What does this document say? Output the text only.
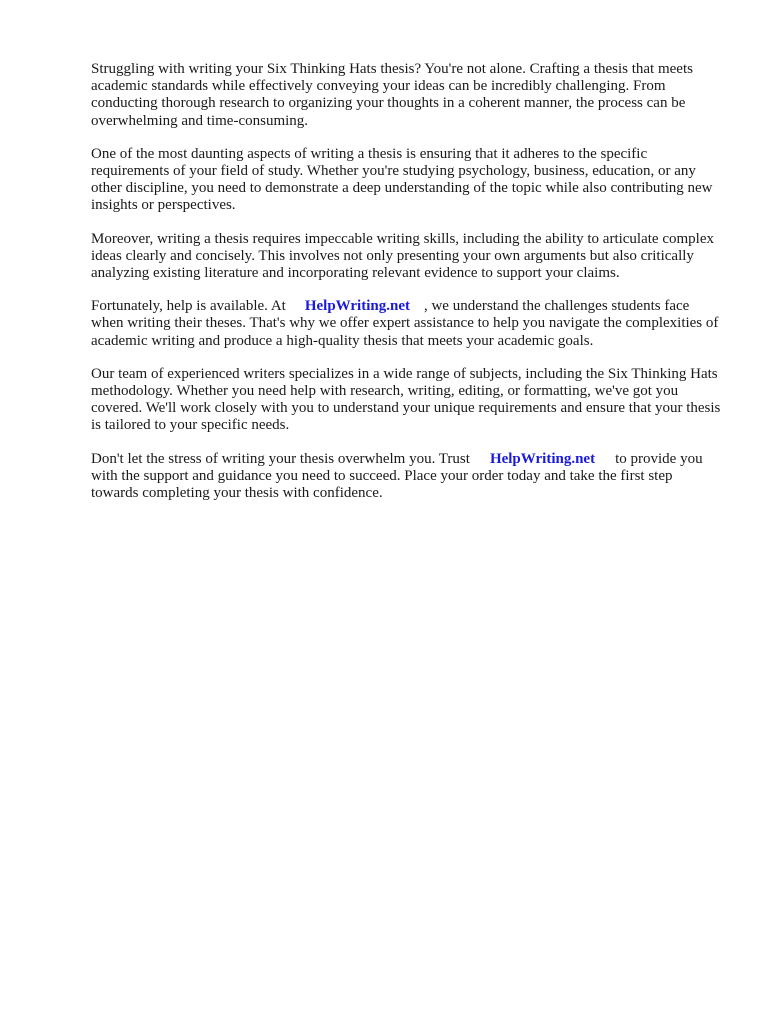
Struggling with writing your Six Thinking Hats thesis? You're not alone. Crafting a thesis that meets academic standards while effectively conveying your ideas can be incredibly challenging. From conducting thorough research to organizing your thoughts in a coherent manner, the process can be overwhelming and time-consuming.

One of the most daunting aspects of writing a thesis is ensuring that it adheres to the specific requirements of your field of study. Whether you're studying psychology, business, education, or any other discipline, you need to demonstrate a deep understanding of the topic while also contributing new insights or perspectives.

Moreover, writing a thesis requires impeccable writing skills, including the ability to articulate complex ideas clearly and concisely. This involves not only presenting your own arguments but also critically analyzing existing literature and incorporating relevant evidence to support your claims.

Fortunately, help is available. At HelpWriting.net , we understand the challenges students face when writing their theses. That's why we offer expert assistance to help you navigate the complexities of academic writing and produce a high-quality thesis that meets your academic goals.

Our team of experienced writers specializes in a wide range of subjects, including the Six Thinking Hats methodology. Whether you need help with research, writing, editing, or formatting, we've got you covered. We'll work closely with you to understand your unique requirements and ensure that your thesis is tailored to your specific needs.

Don't let the stress of writing your thesis overwhelm you. Trust HelpWriting.net to provide you with the support and guidance you need to succeed. Place your order today and take the first step towards completing your thesis with confidence.
